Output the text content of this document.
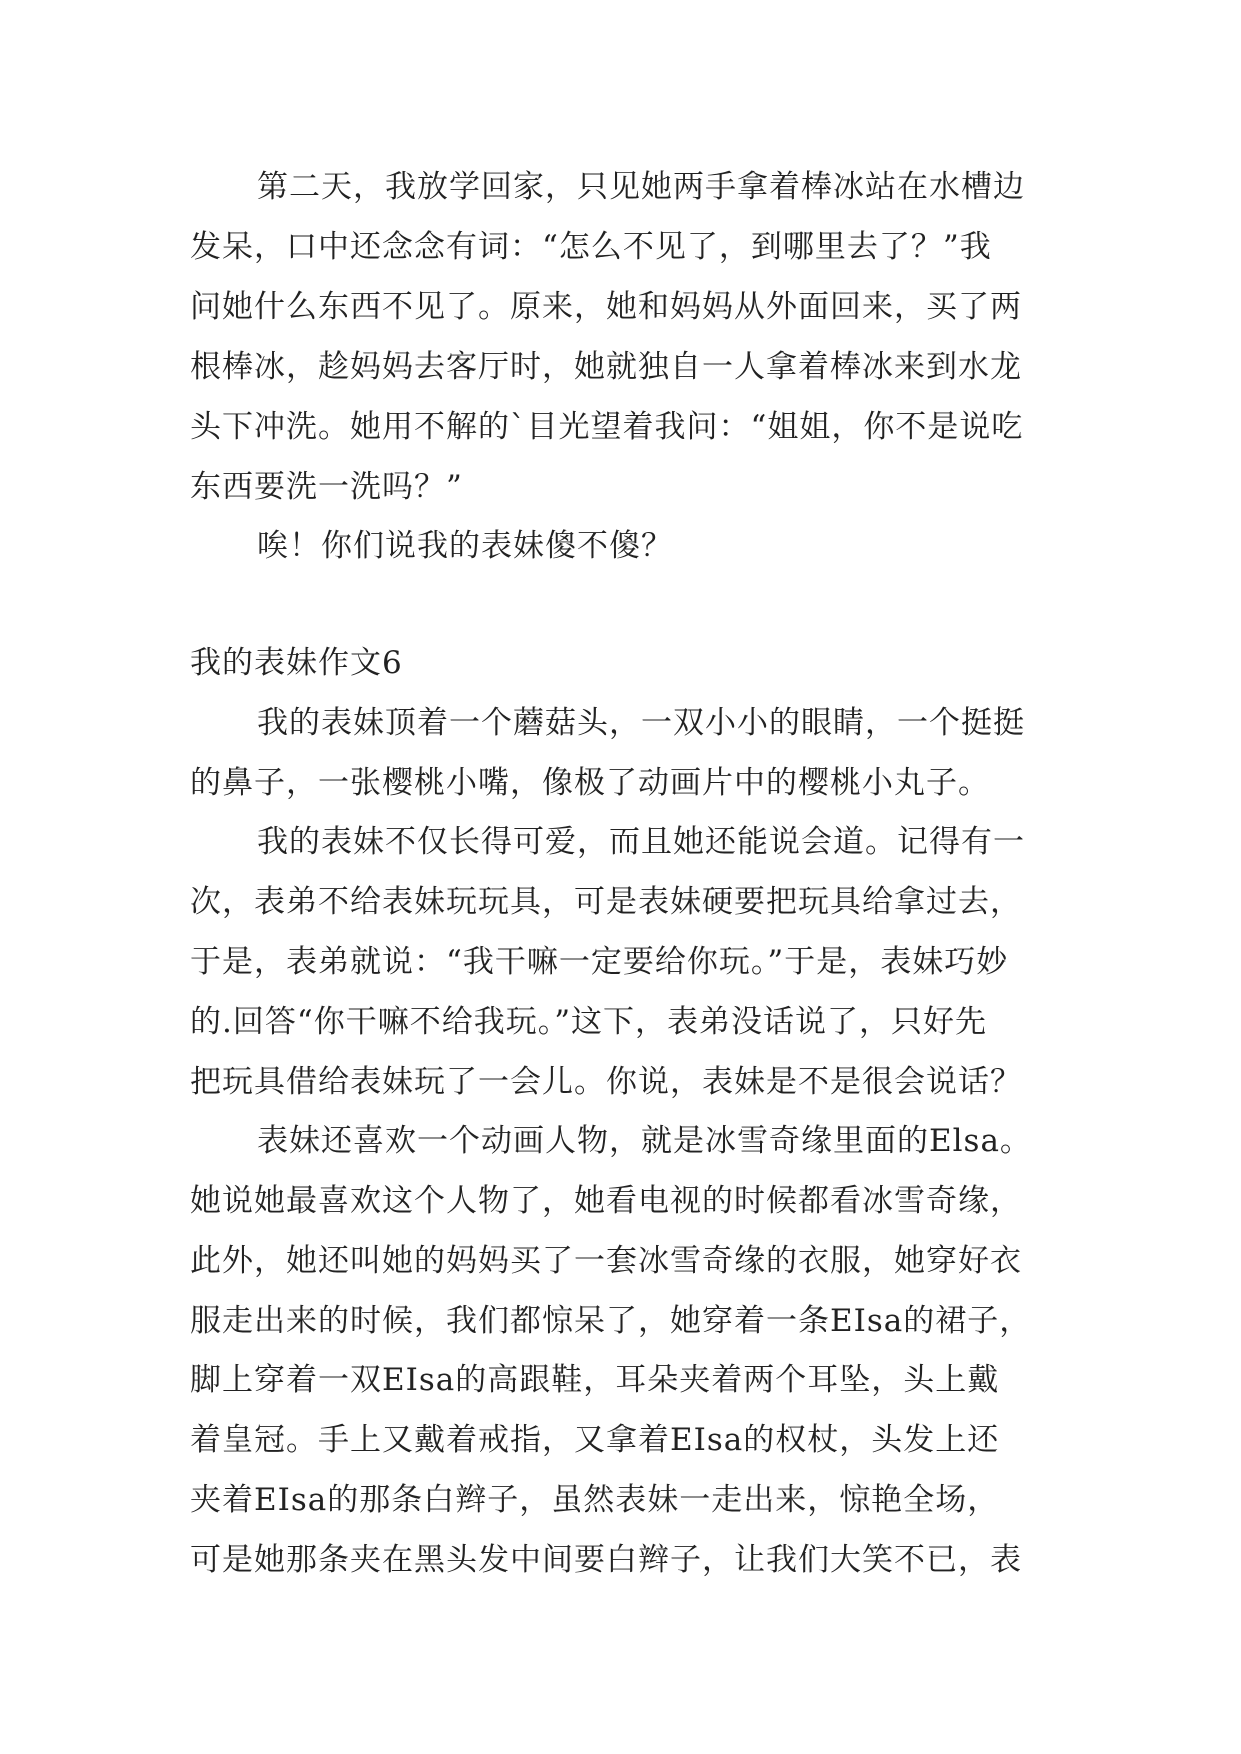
第二天，我放学回家，只见她两手拿着棒冰站在水槽边
发呆，口中还念念有词：“怎么不见了，到哪里去了？”我
问她什么东西不见了。原来，她和妈妈从外面回来，买了两
根棒冰，趁妈妈去客厅时，她就独自一人拿着棒冰来到水龙
头下冲洗。她用不解的`目光望着我问：“姐姐，你不是说吃
东西要洗一洗吗？”
唉！你们说我的表妹傻不傻？
我的表妹作文6
我的表妹顶着一个蘑菇头，一双小小的眼睛，一个挺挺
的鼻子，一张樱桃小嘴，像极了动画片中的樱桃小丸子。
我的表妹不仅长得可爱，而且她还能说会道。记得有一
次，表弟不给表妹玩玩具，可是表妹硬要把玩具给拿过去，
于是，表弟就说：“我干嘛一定要给你玩。”于是，表妹巧妙
的.回答“你干嘛不给我玩。”这下，表弟没话说了，只好先
把玩具借给表妹玩了一会儿。你说，表妹是不是很会说话？
表妹还喜欢一个动画人物，就是冰雪奇缘里面的Elsa。
她说她最喜欢这个人物了，她看电视的时候都看冰雪奇缘，
此外，她还叫她的妈妈买了一套冰雪奇缘的衣服，她穿好衣
服走出来的时候，我们都惊呆了，她穿着一条EIsa的裙子，
脚上穿着一双EIsa的高跟鞋，耳朵夹着两个耳坠，头上戴
着皇冠。手上又戴着戒指，又拿着EIsa的权杖，头发上还
夹着EIsa的那条白辫子，虽然表妹一走出来，惊艳全场，
可是她那条夹在黑头发中间要白辫子，让我们大笑不已，表
